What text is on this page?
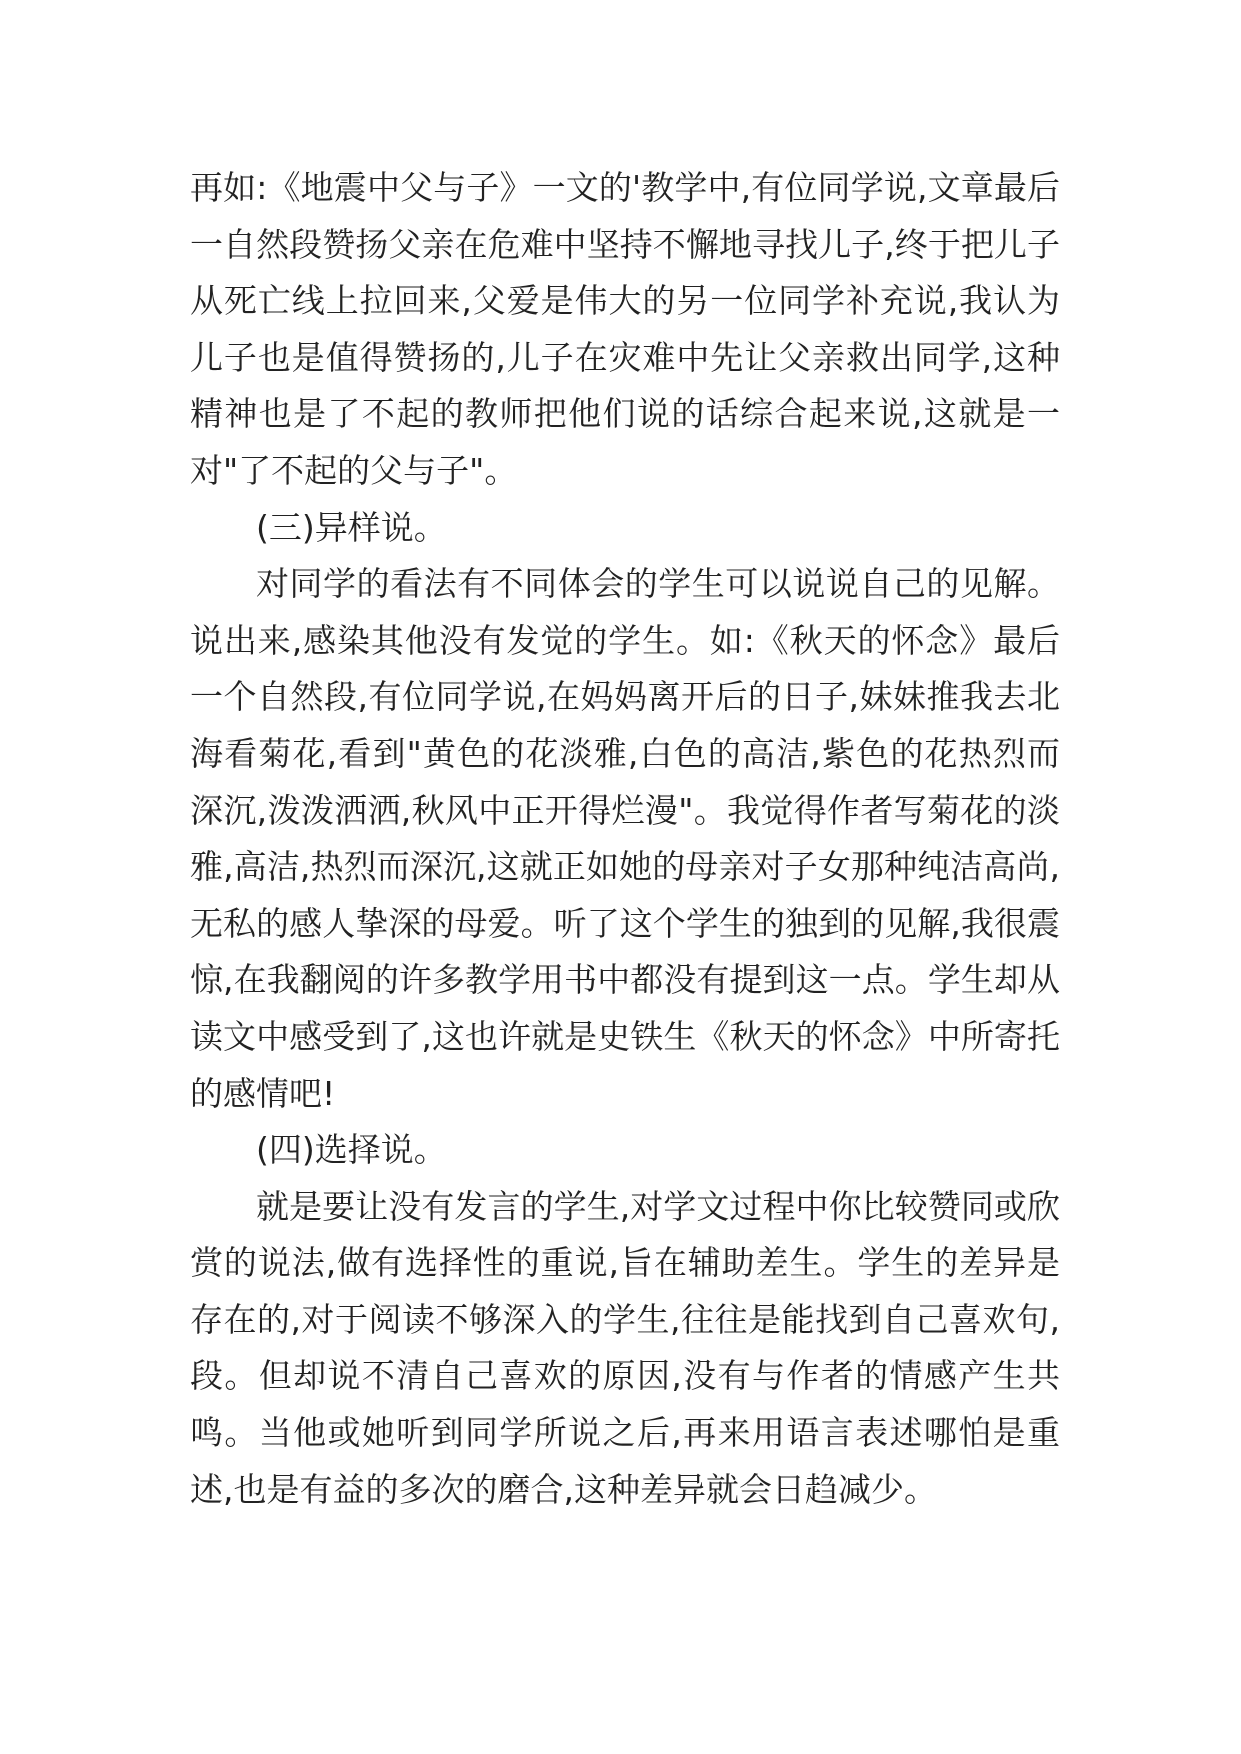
再如:《地震中父与子》一文的'教学中,有位同学说,文章最后一自然段赞扬父亲在危难中坚持不懈地寻找儿子,终于把儿子从死亡线上拉回来,父爱是伟大的另一位同学补充说,我认为儿子也是值得赞扬的,儿子在灾难中先让父亲救出同学,这种精神也是了不起的教师把他们说的话综合起来说,这就是一对"了不起的父与子"。

(三)异样说。

对同学的看法有不同体会的学生可以说说自己的见解。说出来,感染其他没有发觉的学生。如:《秋天的怀念》最后一个自然段,有位同学说,在妈妈离开后的日子,妹妹推我去北海看菊花,看到"黄色的花淡雅,白色的高洁,紫色的花热烈而深沉,泼泼洒洒,秋风中正开得烂漫"。我觉得作者写菊花的淡雅,高洁,热烈而深沉,这就正如她的母亲对子女那种纯洁高尚,无私的感人挚深的母爱。听了这个学生的独到的见解,我很震惊,在我翻阅的许多教学用书中都没有提到这一点。学生却从读文中感受到了,这也许就是史铁生《秋天的怀念》中所寄托的感情吧!

(四)选择说。

就是要让没有发言的学生,对学文过程中你比较赞同或欣赏的说法,做有选择性的重说,旨在辅助差生。学生的差异是存在的,对于阅读不够深入的学生,往往是能找到自己喜欢句,段。但却说不清自己喜欢的原因,没有与作者的情感产生共鸣。当他或她听到同学所说之后,再来用语言表述哪怕是重述,也是有益的多次的磨合,这种差异就会日趋减少。
